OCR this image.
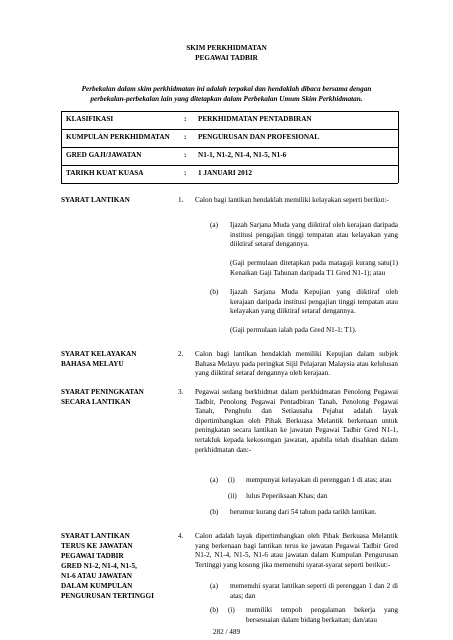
SKIM PERKHIDMATAN
PEGAWAI TADBIR
Perbekalan dalam skim perkhidmatan ini adalah terpakai dan hendaklah dibaca bersama dengan
perbekalan-perbekalan lain yang ditetapkan dalam Perbekalan Umum Skim Perkhidmatan.
KLASIFIKASI	: PERKHIDMATAN PENTADBIRAN
KUMPULAN PERKHIDMATAN : PENGURUSAN DAN PROFESIONAL
GRED GAJI/JAWATAN	: N1-1, N1-2, N1-4, N1-5, N1-6
TARIKH KUAT KUASA	: 1 JANUARI 2012
SYARAT LANTIKAN	1. Calon bagi lantikan hendaklah memiliki kelayakan seperti berikut:-
(a) Ijazah Sarjana Muda yang diiktiraf oleh kerajaan daripada institusi pengajian tinggi tempatan atau kelayakan yang diiktiraf setaraf dengannya.
(Gaji permulaan ditetapkan pada matagaji kurang satu(1) Kenaikan Gaji Tahunan daripada T1 Gred N1-1); atau
(b) Ijazah Sarjana Muda Kepujian yang diiktiraf oleh kerajaan daripada institusi pengajian tinggi tempatan atau kelayakan yang diiktiraf setaraf dengannya.
(Gaji permulaan ialah pada Gred N1-1: T1).
SYARAT KELAYAKAN
BAHASA MELAYU
2. Calon bagi lantikan hendaklah memiliki Kepujian dalam subjek Bahasa Melayu pada peringkat Sijil Pelajaran Malaysia atau kelulusan yang diiktiraf setaraf dengannya oleh kerajaan.
SYARAT PENINGKATAN
SECARA LANTIKAN
3. Pegawai sedang berkhidmat dalam perkhidmatan Penolong Pegawai Tadbir, Penolong Pegawai Pentadbiran Tanah, Penolong Pegawai Tanah, Penghulu dan Setiausaha Pejabat adalah layak dipertimbangkan oleh Pihak Berkuasa Melantik berkenaan untuk peningkatan secara lantikan ke jawatan Pegawai Tadbir Gred N1-1, tertakluk kepada kekosongan jawatan, apabila telah disahkan dalam perkhidmatan dan:-
(a) (i) mempunyai kelayakan di perenggan 1 di atas; atau
(ii) lulus Peperiksaan Khas; dan
(b) berumur kurang dari 54 tahun pada tarikh lantikan.
SYARAT LANTIKAN
TERUS KE JAWATAN
PEGAWAI TADBIR
GRED N1-2, N1-4, N1-5,
N1-6 ATAU JAWATAN
DALAM KUMPULAN
PENGURUSAN TERTINGGI
4. Calon adalah layak dipertimbangkan oleh Pihak Berkuasa Melantik yang berkenaan bagi lantikan terus ke jawatan Pegawai Tadbir Gred N1-2, N1-4, N1-5, N1-6 atau jawatan dalam Kumpulan Pengurusan Tertinggi yang kosong jika memenuhi syarat-syarat seperti berikut:-
(a) memenuhi syarat lantikan seperti di perenggan 1 dan 2 di atas; dan
(b) (i) memiliki tempoh pengalaman bekerja yang bersesuaian dalam bidang berkaitan; dan/atau
282 / 489
